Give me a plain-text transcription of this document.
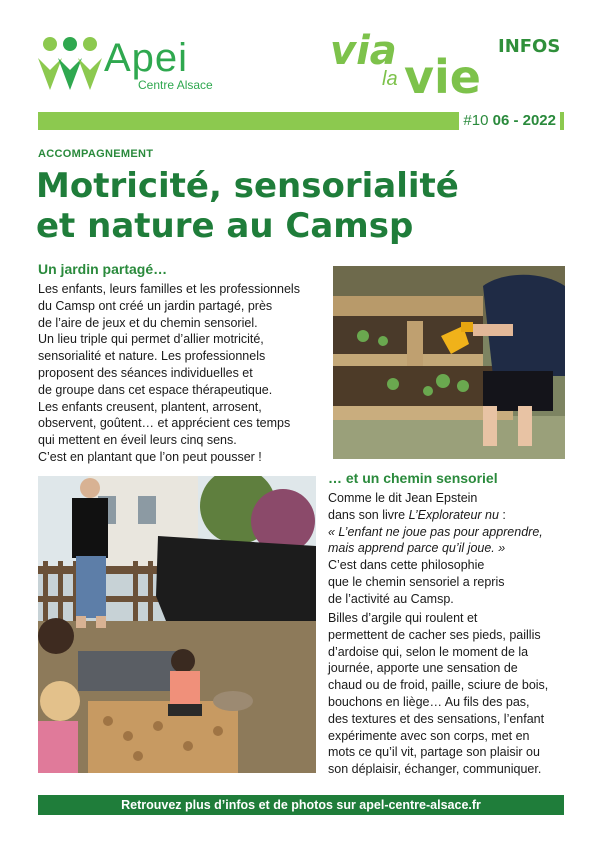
Apei
Centre Alsace
via
la vie
INFOS
#10 06 - 2022
ACCOMPAGNEMENT
Motricité, sensorialité
et nature au Camsp
Un jardin partagé…
Les enfants, leurs familles et les professionnels
du Camsp ont créé un jardin partagé, près
de l’aire de jeux et du chemin sensoriel.
Un lieu triple qui permet d’allier motricité,
sensorialité et nature. Les professionnels
proposent des séances individuelles et
de groupe dans cet espace thérapeutique.
Les enfants creusent, plantent, arrosent,
observent, goûtent… et apprécient ces temps
qui mettent en éveil leurs cinq sens.
C’est en plantant que l’on peut pousser !
… et un chemin sensoriel
Comme le dit Jean Epstein
dans son livre L’Explorateur nu :
« L’enfant ne joue pas pour apprendre,
mais apprend parce qu’il joue. »
C’est dans cette philosophie
que le chemin sensoriel a repris
de l’activité au Camsp.
Billes d’argile qui roulent et
permettent de cacher ses pieds, paillis
d’ardoise qui, selon le moment de la
journée, apporte une sensation de
chaud ou de froid, paille, sciure de bois,
bouchons en liège… Au fils des pas,
des textures et des sensations, l’enfant
expérimente avec son corps, met en
mots ce qu’il vit, partage son plaisir ou
son déplaisir, échanger, communiquer.
Retrouvez plus d’infos et de photos sur apel-centre-alsace.fr
